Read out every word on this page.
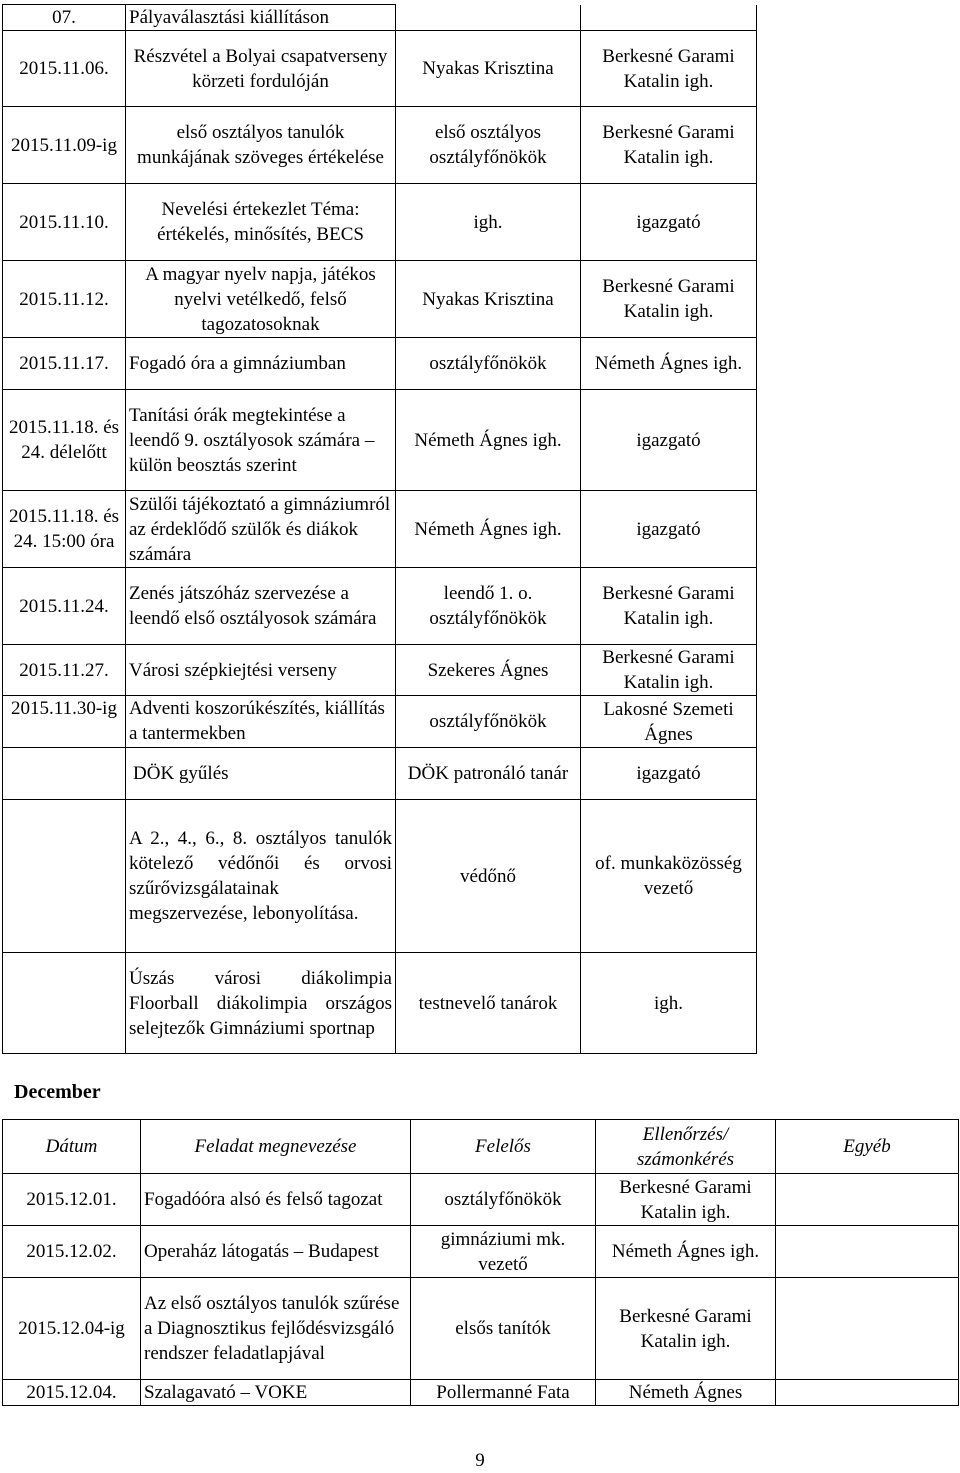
07.	Pályaválasztási kiállításon			
2015.11.06.	Részvétel a Bolyai csapatverseny körzeti fordulóján	Nyakas Krisztina	Berkesné Garami Katalin igh.	
2015.11.09-ig	első osztályos tanulók munkájának szöveges értékelése	első osztályos osztályfőnökök	Berkesné Garami Katalin igh.	
2015.11.10.	Nevelési értekezlet Téma: értékelés, minősítés, BECS	igh.	igazgató	
2015.11.12.	A magyar nyelv napja, játékos nyelvi vetélkedő, felső tagozatosoknak	Nyakas Krisztina	Berkesné Garami Katalin igh.	
2015.11.17.	Fogadó óra a gimnáziumban	osztályfőnökök	Németh Ágnes igh.	
2015.11.18. és 24. délelőtt	Tanítási órák megtekintése a leendő 9. osztályosok számára – külön beosztás szerint	Németh Ágnes igh.	igazgató	
2015.11.18. és 24. 15:00 óra	Szülői tájékoztató a gimnáziumról az érdeklődő szülők és diákok számára	Németh Ágnes igh.	igazgató	
2015.11.24.	Zenés játszóház szervezése a leendő első osztályosok számára	leendő 1. o. osztályfőnökök	Berkesné Garami Katalin igh.	
2015.11.27.	Városi szépkiejtési verseny	Szekeres Ágnes	Berkesné Garami Katalin igh.	
2015.11.30-ig	Adventi koszorúkészítés, kiállítás a tantermekben	osztályfőnökök	Lakosné Szemeti Ágnes	
	DÖK gyűlés	DÖK patronáló tanár	igazgató	
	A 2., 4., 6., 8. osztályos tanulók kötelező védőnői és orvosi szűrővizsgálatainak megszervezése, lebonyolítása.	védőnő	of. munkaközösség vezető	
	Úszás városi diákolimpia Floorball diákolimpia országos selejtezők Gimnáziumi sportnap	testnevelő tanárok	igh.	
December
Dátum	Feladat megnevezése	Felelős	Ellenőrzés/ számonkérés	Egyéb
2015.12.01.	Fogadóóra alsó és felső tagozat	osztályfőnökök	Berkesné Garami Katalin igh.	
2015.12.02.	Operaház látogatás – Budapest	gimnáziumi mk. vezető	Németh Ágnes igh.	
2015.12.04-ig	Az első osztályos tanulók szűrése a Diagnosztikus fejlődésvizsgáló rendszer feladatlapjával	elsős tanítók	Berkesné Garami Katalin igh.	
2015.12.04.	Szalagavató – VOKE	Pollermanné Fata	Németh Ágnes	
9
